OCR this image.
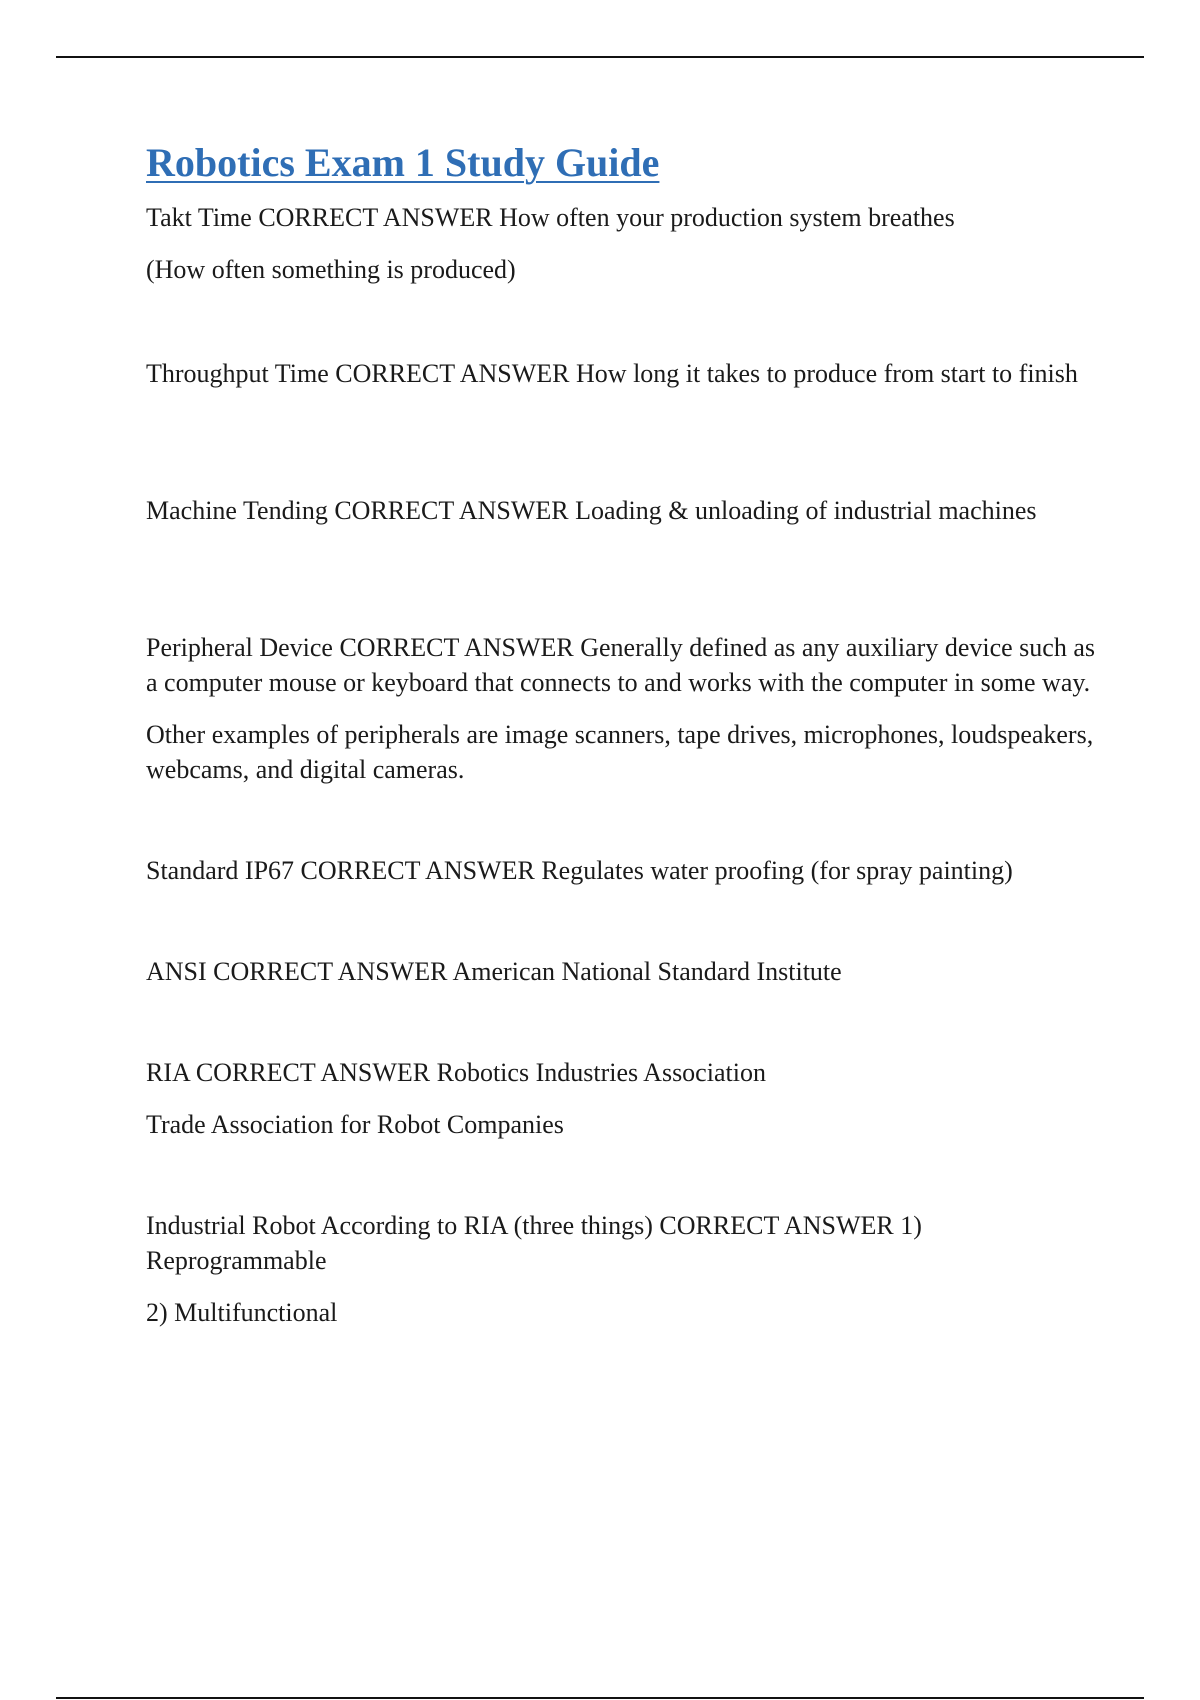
Robotics Exam 1 Study Guide

Takt Time CORRECT ANSWER How often your production system breathes

(How often something is produced)

Throughput Time CORRECT ANSWER How long it takes to produce from start to finish

Machine Tending CORRECT ANSWER Loading & unloading of industrial machines

Peripheral Device CORRECT ANSWER Generally defined as any auxiliary device such as a computer mouse or keyboard that connects to and works with the computer in some way.

Other examples of peripherals are image scanners, tape drives, microphones, loudspeakers, webcams, and digital cameras.

Standard IP67 CORRECT ANSWER Regulates water proofing (for spray painting)

ANSI CORRECT ANSWER American National Standard Institute

RIA CORRECT ANSWER Robotics Industries Association

Trade Association for Robot Companies

Industrial Robot According to RIA (three things) CORRECT ANSWER 1) Reprogrammable

2) Multifunctional
